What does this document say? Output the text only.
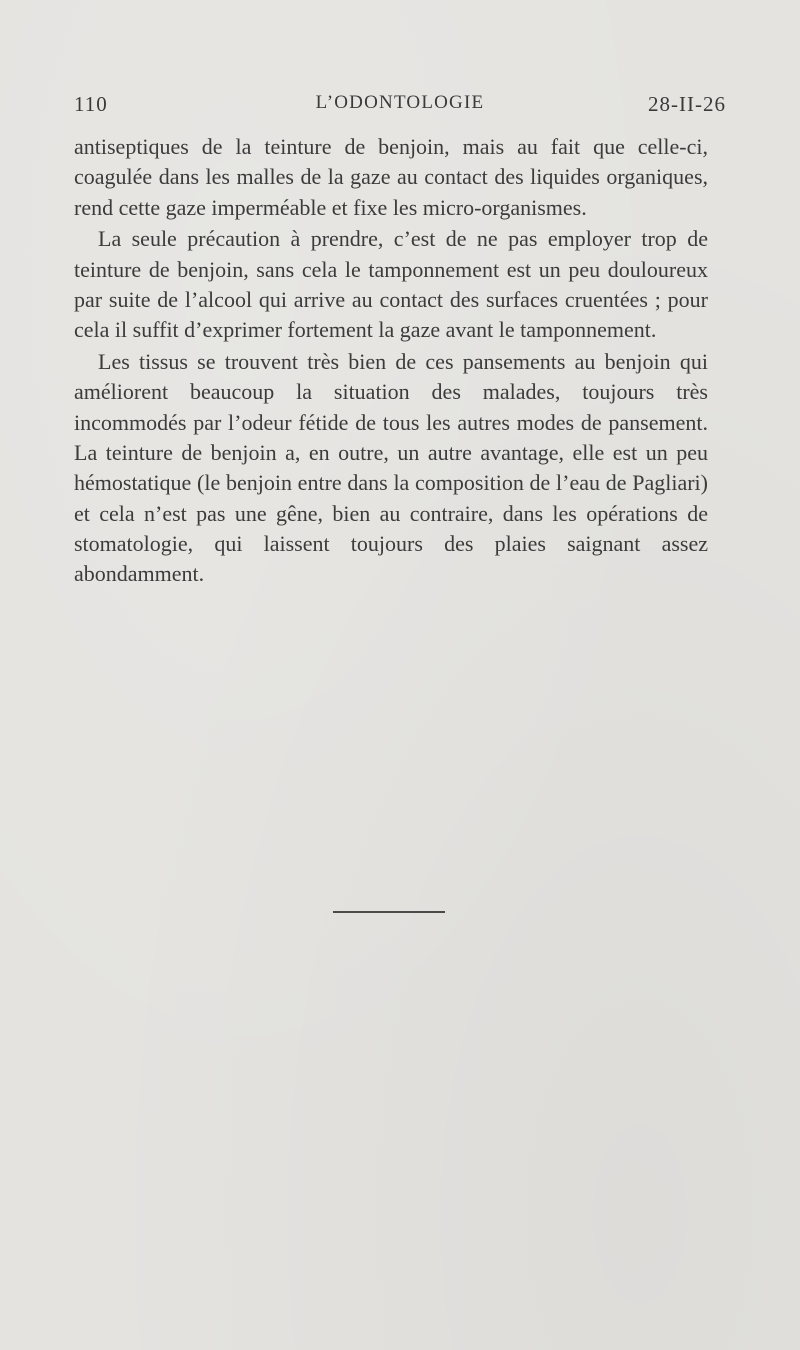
110	L’ODONTOLOGIE	28-II-26

antiseptiques de la teinture de benjoin, mais au fait que celle-ci, coagulée dans les malles de la gaze au contact des liquides organiques, rend cette gaze imperméable et fixe les micro-organismes.

La seule précaution à prendre, c’est de ne pas employer trop de teinture de benjoin, sans cela le tamponnement est un peu douloureux par suite de l’alcool qui arrive au contact des surfaces cruentées ; pour cela il suffit d’exprimer fortement la gaze avant le tamponnement.

Les tissus se trouvent très bien de ces pansements au benjoin qui améliorent beaucoup la situation des malades, toujours très incommodés par l’odeur fétide de tous les autres modes de pansement. La teinture de benjoin a, en outre, un autre avantage, elle est un peu hémostatique (le benjoin entre dans la composition de l’eau de Pagliari) et cela n’est pas une gêne, bien au contraire, dans les opérations de stomatologie, qui laissent toujours des plaies saignant assez abondamment.
